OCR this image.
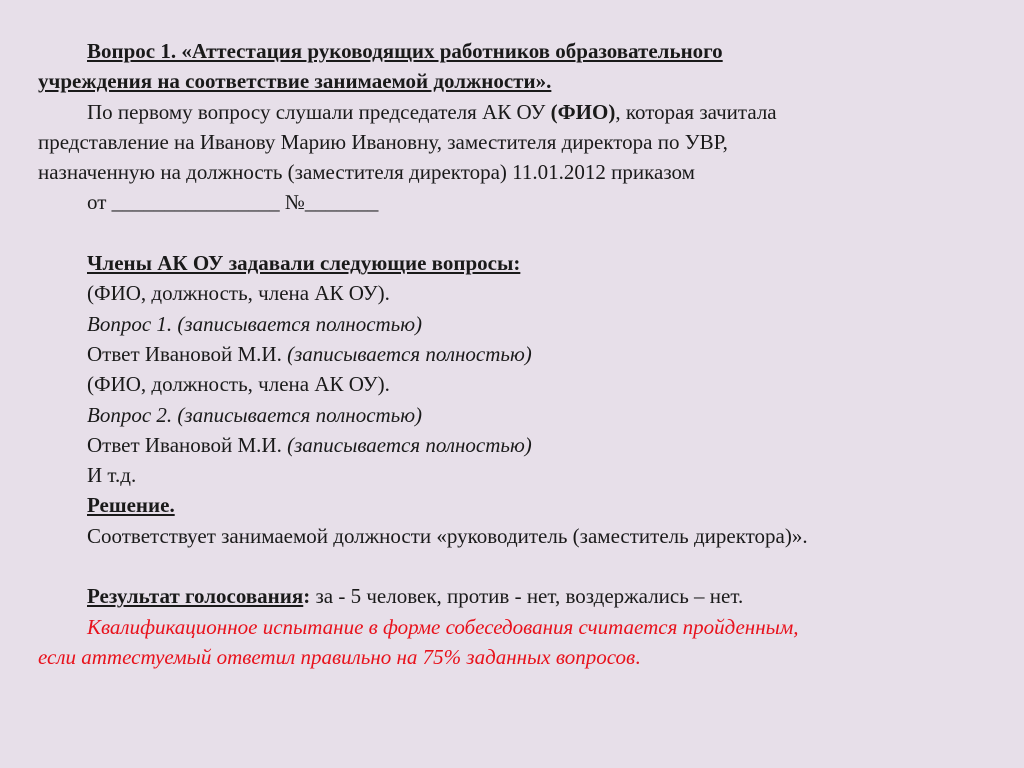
Вопрос 1. «Аттестация руководящих работников образовательного
учреждения на соответствие занимаемой должности».
По первому вопросу слушали председателя АК ОУ (ФИО), которая зачитала
представление на Иванову Марию Ивановну, заместителя директора по УВР,
назначенную на должность (заместителя директора) 11.01.2012 приказом
от ________________ №_______
Члены АК ОУ задавали следующие вопросы:
(ФИО, должность, члена АК ОУ).
Вопрос 1. (записывается полностью)
Ответ Ивановой М.И. (записывается полностью)
(ФИО, должность, члена АК ОУ).
Вопрос 2. (записывается полностью)
Ответ Ивановой М.И. (записывается полностью)
И т.д.
Решение.
Соответствует занимаемой должности «руководитель (заместитель директора)».
Результат голосования: за - 5 человек, против - нет, воздержались – нет.
Квалификационное испытание в форме собеседования считается пройденным,
если аттестуемый ответил правильно на 75% заданных вопросов.
